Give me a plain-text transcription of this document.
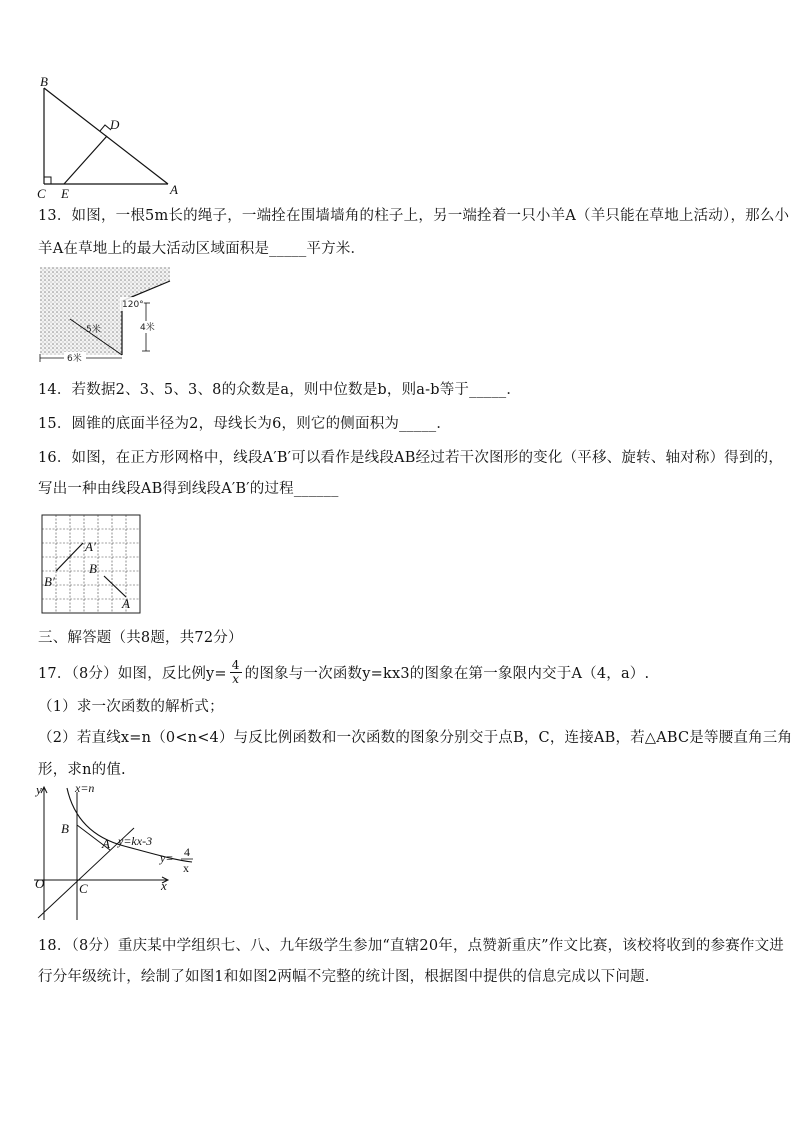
B
D
C E	A
13．如图，一根5m长的绳子，一端拴在围墙墙角的柱子上，另一端拴着一只小羊A（羊只能在草地上活动），那么小
羊A在草地上的最大活动区域面积是_____平方米．
120°
5米	4米
6米
14．若数据2、3、5、3、8的众数是a，则中位数是b，则a-b等于_____．
15．圆锥的底面半径为2，母线长为6，则它的侧面积为_____．
16．如图，在正方形网格中，线段A′B′可以看作是线段AB经过若干次图形的变化（平移、旋转、轴对称）得到的，
写出一种由线段AB得到线段A′B′的过程______
A′
B′
B
A
三、解答题（共8题，共72分）
17．（8分）如图，反比例$y= \frac{4}{x}$ 的图象与一次函数y=kx3的图象在第一象限内交于A（4，a）.
（1）求一次函数的解析式；
（2）若直线x=n（0<n<4）与反比例函数和一次函数的图象分别交于点B，C，连接AB，若△ABC是等腰直角三角
形，求n的值.
y
x
O
x=n
B
A
C
y=kx-3
y= 4
x
18．（8分）重庆某中学组织七、八、九年级学生参加“直辖20年，点赞新重庆”作文比赛，该校将收到的参赛作文进
行分年级统计，绘制了如图1和如图2两幅不完整的统计图，根据图中提供的信息完成以下问题．
